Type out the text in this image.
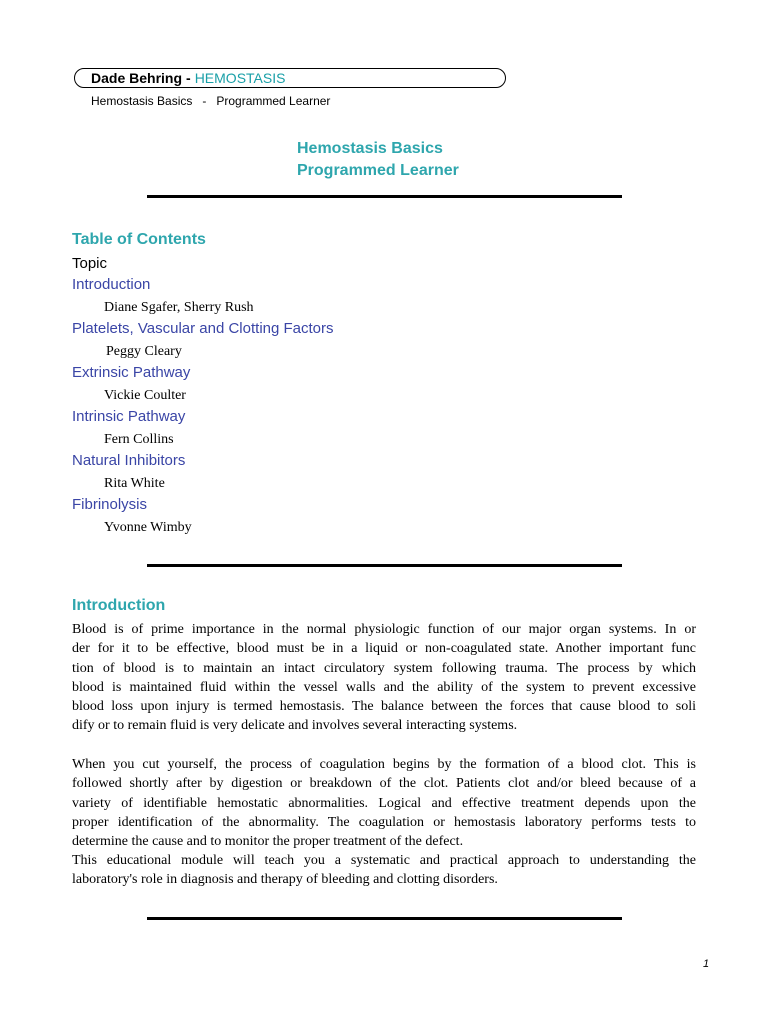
Dade Behring - HEMOSTASIS
Hemostasis Basics   -   Programmed Learner
Hemostasis Basics
Programmed Learner
Table of Contents
Topic
Introduction
Diane Sgafer, Sherry Rush
Platelets, Vascular and Clotting Factors
Peggy Cleary
Extrinsic Pathway
Vickie Coulter
Intrinsic Pathway
Fern Collins
Natural Inhibitors
Rita White
Fibrinolysis
Yvonne Wimby
Introduction
Blood is of prime importance in the normal physiologic function of our major organ systems. In or
der for it to be effective, blood must be in a liquid or non-coagulated state. Another important func
tion of blood is to maintain an intact circulatory system following trauma. The process by which
blood is maintained fluid within the vessel walls and the ability of the system to prevent excessive
blood loss upon injury is termed hemostasis. The balance between the forces that cause blood to soli
dify or to remain fluid is very delicate and involves several interacting systems.
When you cut yourself, the process of coagulation begins by the formation of a blood clot. This is
followed shortly after by digestion or breakdown of the clot. Patients clot and/or bleed because of a
variety of identifiable hemostatic abnormalities. Logical and effective treatment depends upon the
proper identification of the abnormality. The coagulation or hemostasis laboratory performs tests to
determine the cause and to monitor the proper treatment of the defect.
This educational module will teach you a systematic and practical approach to understanding the
laboratory's role in diagnosis and therapy of bleeding and clotting disorders.
1
